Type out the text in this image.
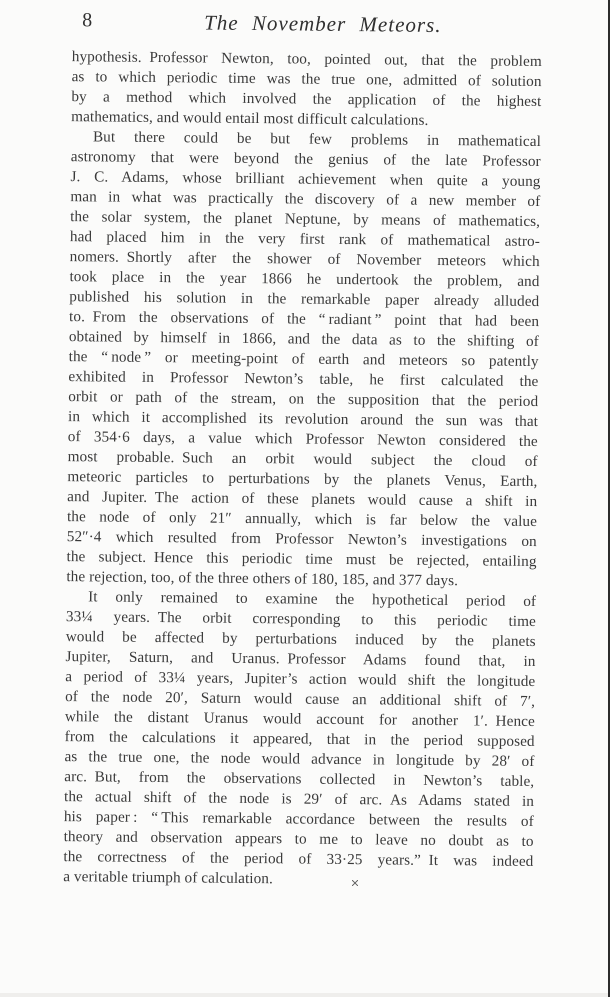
8	The November Meteors.
hypothesis. Professor Newton, too, pointed out, that the problem
as to which periodic time was the true one, admitted of solution
by a method which involved the application of the highest
mathematics, and would entail most difficult calculations.
But there could be but few problems in mathematical
astronomy that were beyond the genius of the late Professor
J. C. Adams, whose brilliant achievement when quite a young
man in what was practically the discovery of a new member of
the solar system, the planet Neptune, by means of mathematics,
had placed him in the very first rank of mathematical astro-
nomers. Shortly after the shower of November meteors which
took place in the year 1866 he undertook the problem, and
published his solution in the remarkable paper already alluded
to. From the observations of the “ radiant ” point that had been
obtained by himself in 1866, and the data as to the shifting of
the “ node ” or meeting-point of earth and meteors so patently
exhibited in Professor Newton’s table, he first calculated the
orbit or path of the stream, on the supposition that the period
in which it accomplished its revolution around the sun was that
of 354·6 days, a value which Professor Newton considered the
most probable. Such an orbit would subject the cloud of
meteoric particles to perturbations by the planets Venus, Earth,
and Jupiter. The action of these planets would cause a shift in
the node of only 21″ annually, which is far below the value
52″·4 which resulted from Professor Newton’s investigations on
the subject. Hence this periodic time must be rejected, entailing
the rejection, too, of the three others of 180, 185, and 377 days.
It only remained to examine the hypothetical period of
33¼ years. The orbit corresponding to this periodic time
would be affected by perturbations induced by the planets
Jupiter, Saturn, and Uranus. Professor Adams found that, in
a period of 33¼ years, Jupiter’s action would shift the longitude
of the node 20′, Saturn would cause an additional shift of 7′,
while the distant Uranus would account for another 1′. Hence
from the calculations it appeared, that in the period supposed
as the true one, the node would advance in longitude by 28′ of
arc. But, from the observations collected in Newton’s table,
the actual shift of the node is 29′ of arc. As Adams stated in
his paper : “ This remarkable accordance between the results of
theory and observation appears to me to leave no doubt as to
the correctness of the period of 33·25 years.” It was indeed
a veritable triumph of calculation.
